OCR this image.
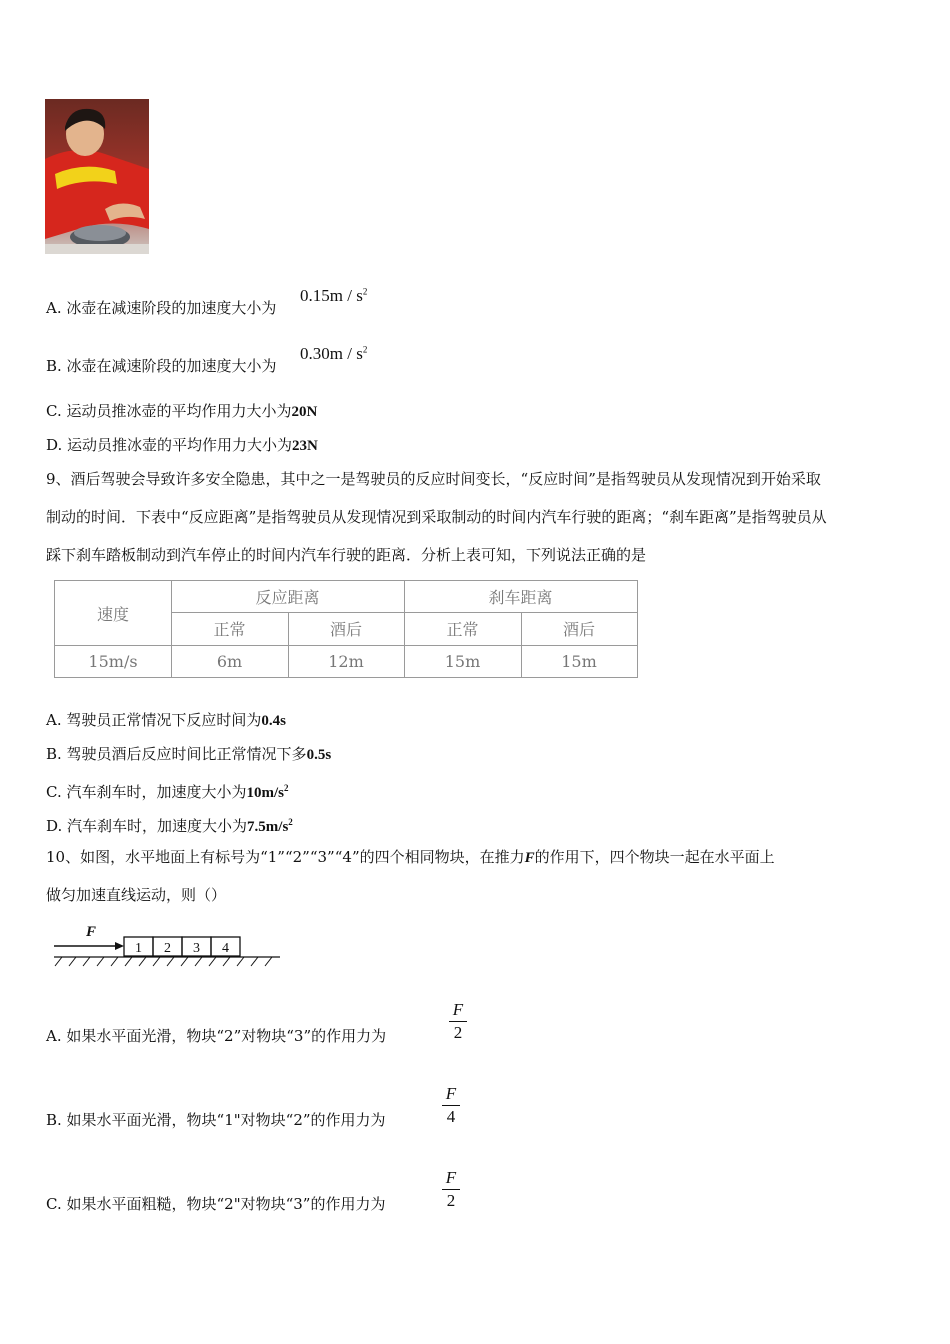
A. 冰壶在减速阶段的加速度大小为
$0.15m / s^2$
B. 冰壶在减速阶段的加速度大小为
$0.30m / s^2$
C. 运动员推冰壶的平均作用力大小为20N
D. 运动员推冰壶的平均作用力大小为23N
9、酒后驾驶会导致许多安全隐患，其中之一是驾驶员的反应时间变长，“反应时间”是指驾驶员从发现情况到开始采取
制动的时间．下表中“反应距离”是指驾驶员从发现情况到采取制动的时间内汽车行驶的距离；“刹车距离”是指驾驶员从
踩下刹车踏板制动到汽车停止的时间内汽车行驶的距离．分析上表可知，下列说法正确的是
速度
反应距离	刹车距离
正常	酒后	正常	酒后
15m/s	6m	12m	15m	15m
A. 驾驶员正常情况下反应时间为0.4s
B. 驾驶员酒后反应时间比正常情况下多0.5s
C. 汽车刹车时，加速度大小为$10m/s^2$
D. 汽车刹车时，加速度大小为$7.5m/s^2$
10、如图，水平地面上有标号为“1”“2”“3”“4”的四个相同物块，在推力F的作用下，四个物块一起在水平面上
做匀加速直线运动，则（）
F
1 2 3 4
A. 如果水平面光滑，物块“2”对物块“3”的作用力为
F
2
B. 如果水平面光滑，物块“1"对物块“2”的作用力为
F
4
C. 如果水平面粗糙，物块“2"对物块“3”的作用力为
F
2
